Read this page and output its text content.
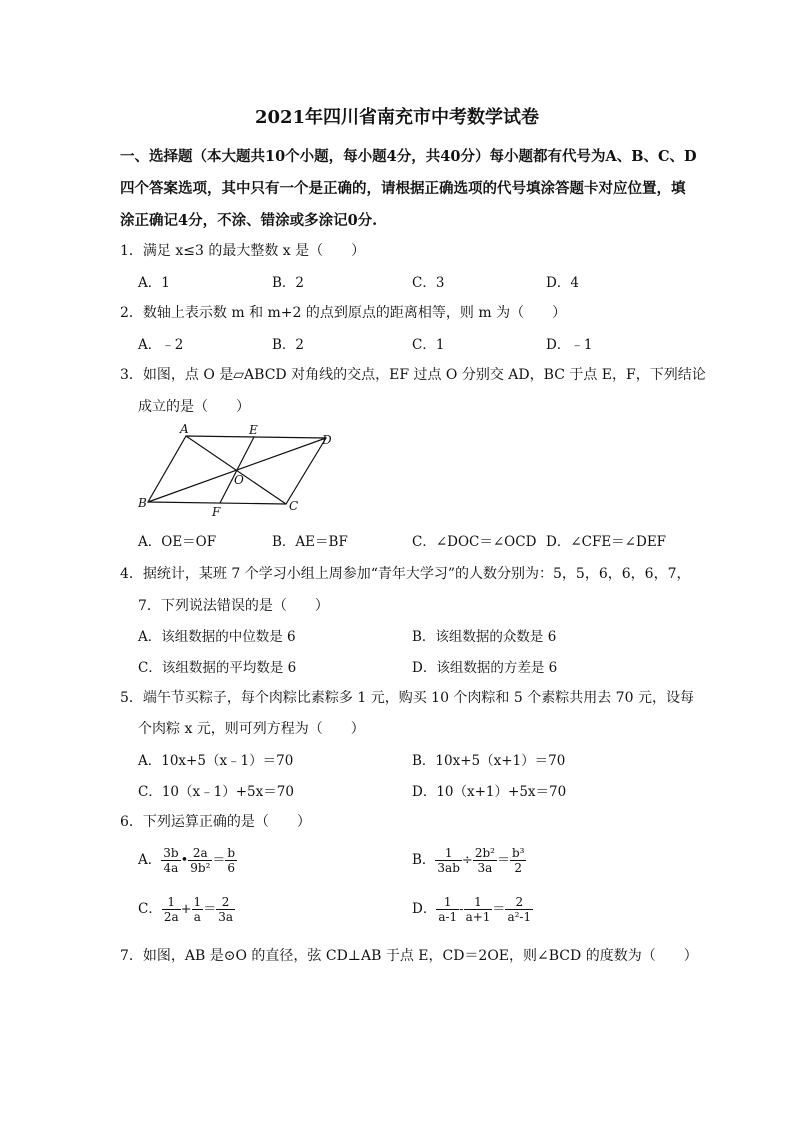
2021年四川省南充市中考数学试卷
一、选择题（本大题共10个小题，每小题4分，共40分）每小题都有代号为A、B、C、D
四个答案选项，其中只有一个是正确的，请根据正确选项的代号填涂答题卡对应位置，填
涂正确记4分，不涂、错涂或多涂记0分.
1．满足 x≤3 的最大整数 x 是（　　）
A．1	B．2	C．3	D．4
2．数轴上表示数 m 和 m+2 的点到原点的距离相等，则 m 为（　　）
A．﹣2	B．2	C．1	D．﹣1
3．如图，点 O 是▱ABCD 对角线的交点，EF 过点 O 分别交 AD，BC 于点 E，F，下列结论
成立的是（　　）
A	E
D
O
B
F	C
A．OE＝OF	B．AE＝BF	C．∠DOC＝∠OCD D．∠CFE＝∠DEF
4．据统计，某班 7 个学习小组上周参加“青年大学习”的人数分别为：5，5，6，6，6，7，
7．下列说法错误的是（　　）
A．该组数据的中位数是 6	B．该组数据的众数是 6
C．该组数据的平均数是 6	D．该组数据的方差是 6
5．端午节买粽子，每个肉粽比素粽多 1 元，购买 10 个肉粽和 5 个素粽共用去 70 元，设每
个肉粽 x 元，则可列方程为（　　）
A．10x+5（x﹣1）＝70	B．10x+5（x+1）＝70
C．10（x﹣1）+5x＝70	D．10（x+1）+5x＝70
6．下列运算正确的是（　　）
A． $\frac{3b}{4a}$ • $\frac{2a}{\text{9b²}} = \frac{b}{6}$	B． $\frac{1}{3ab} \div \frac{\text{2b²}}{3a} = \frac{\text{b³}}{2}$
C． $\frac{1}{2a} + \frac{1}{a} = \frac{2}{3a}$	D． $\frac{1}{a-1} - \frac{1}{a+1} = \frac{2}{\text{a²-1}}$
7．如图，AB 是⊙O 的直径，弦 CD⊥AB 于点 E，CD＝2OE，则∠BCD 的度数为（　　）
